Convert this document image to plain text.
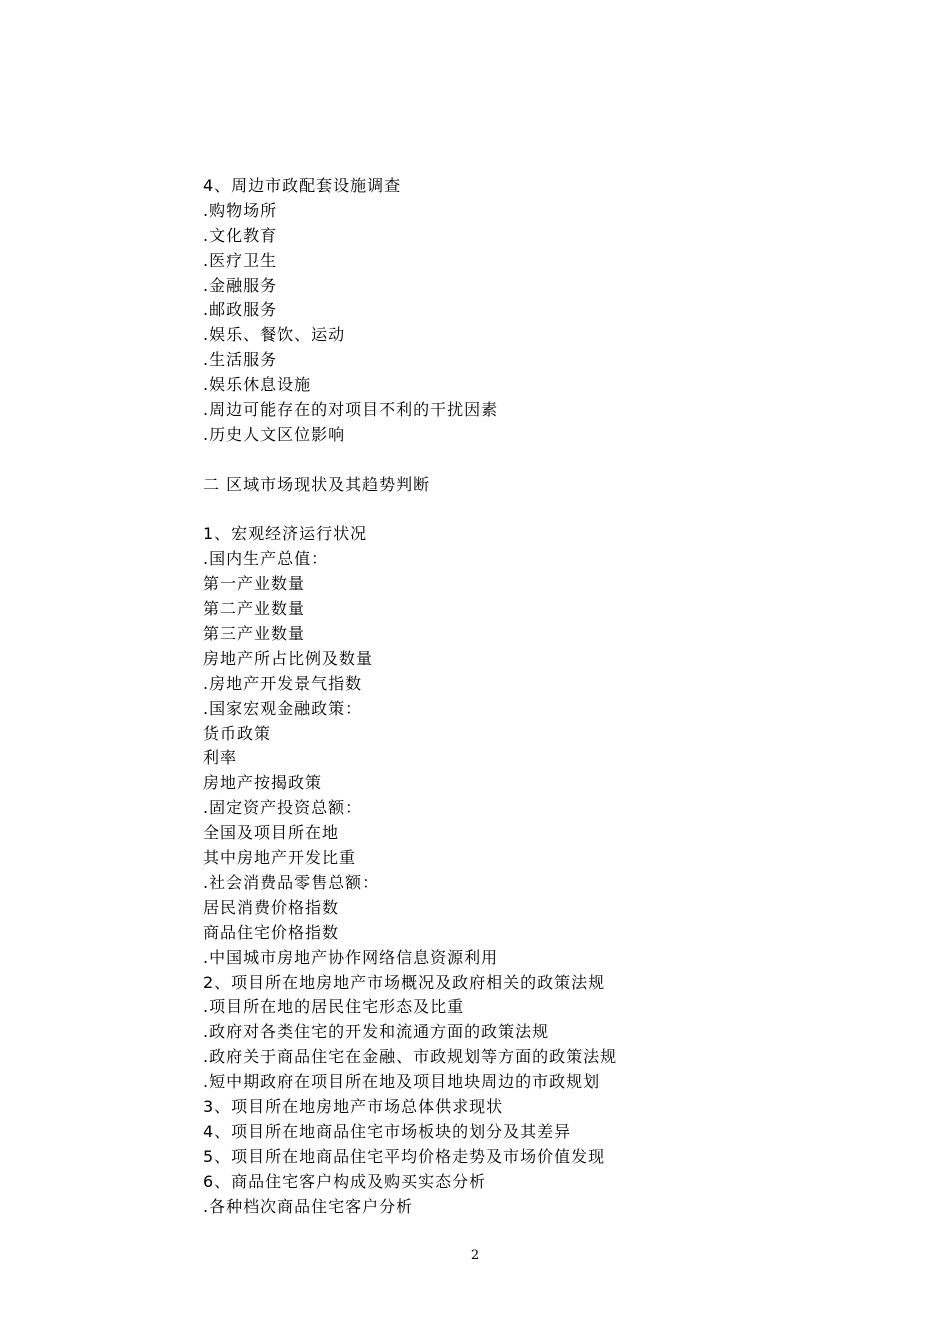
4、周边市政配套设施调查
.购物场所
.文化教育
.医疗卫生
.金融服务
.邮政服务
.娱乐、餐饮、运动
.生活服务
.娱乐休息设施
.周边可能存在的对项目不利的干扰因素
.历史人文区位影响
二 区域市场现状及其趋势判断
1、宏观经济运行状况
.国内生产总值：
第一产业数量
第二产业数量
第三产业数量
房地产所占比例及数量
.房地产开发景气指数
.国家宏观金融政策：
货币政策
利率
房地产按揭政策
.固定资产投资总额：
全国及项目所在地
其中房地产开发比重
.社会消费品零售总额：
居民消费价格指数
商品住宅价格指数
.中国城市房地产协作网络信息资源利用
2、项目所在地房地产市场概况及政府相关的政策法规
.项目所在地的居民住宅形态及比重
.政府对各类住宅的开发和流通方面的政策法规
.政府关于商品住宅在金融、市政规划等方面的政策法规
.短中期政府在项目所在地及项目地块周边的市政规划
3、项目所在地房地产市场总体供求现状
4、项目所在地商品住宅市场板块的划分及其差异
5、项目所在地商品住宅平均价格走势及市场价值发现
6、商品住宅客户构成及购买实态分析
.各种档次商品住宅客户分析
2
